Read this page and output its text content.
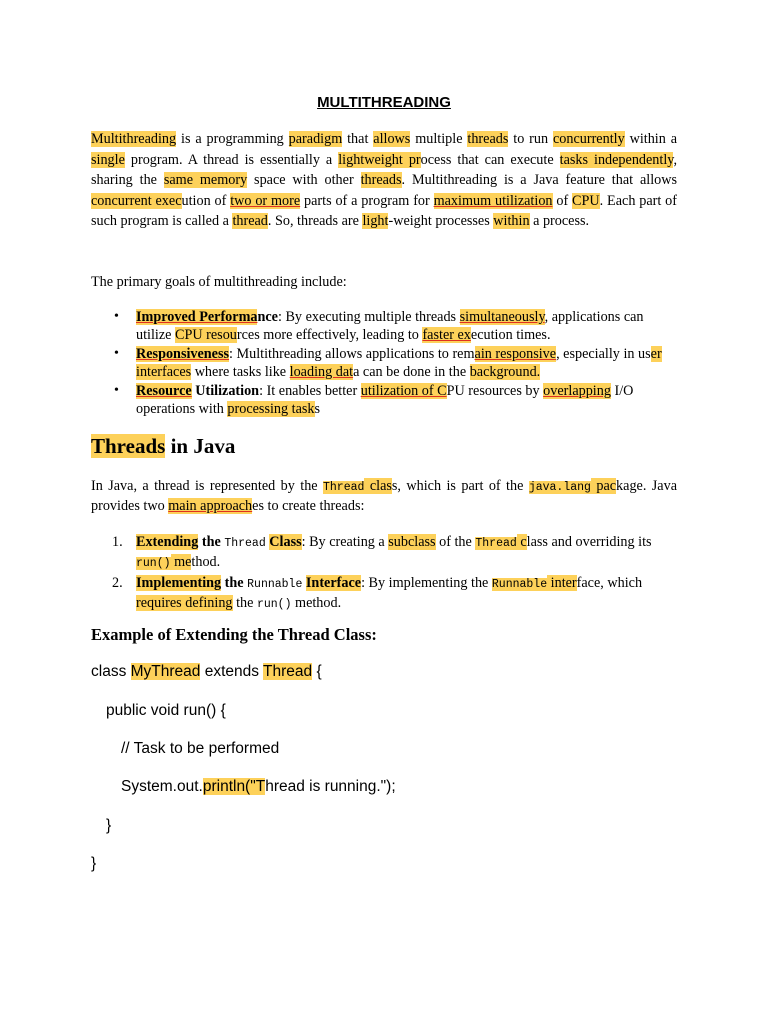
MULTITHREADING
Multithreading is a programming paradigm that allows multiple threads to run concurrently within a single program. A thread is essentially a lightweight process that can execute tasks independently, sharing the same memory space with other threads. Multithreading is a Java feature that allows concurrent execution of two or more parts of a program for maximum utilization of CPU. Each part of such program is called a thread. So, threads are light-weight processes within a process.
The primary goals of multithreading include:
• Improved Performance: By executing multiple threads simultaneously, applications can utilize CPU resources more effectively, leading to faster execution times.
• Responsiveness: Multithreading allows applications to remain responsive, especially in user interfaces where tasks like loading data can be done in the background.
• Resource Utilization: It enables better utilization of CPU resources by overlapping I/O operations with processing tasks
Threads in Java
In Java, a thread is represented by the Thread class, which is part of the java.lang package. Java provides two main approaches to create threads:
1. Extending the Thread Class: By creating a subclass of the Thread class and overriding its run() method.
2. Implementing the Runnable Interface: By implementing the Runnable interface, which requires defining the run() method.
Example of Extending the Thread Class:
class MyThread extends Thread {
public void run() {
// Task to be performed
System.out.println("Thread is running.");
}
}
